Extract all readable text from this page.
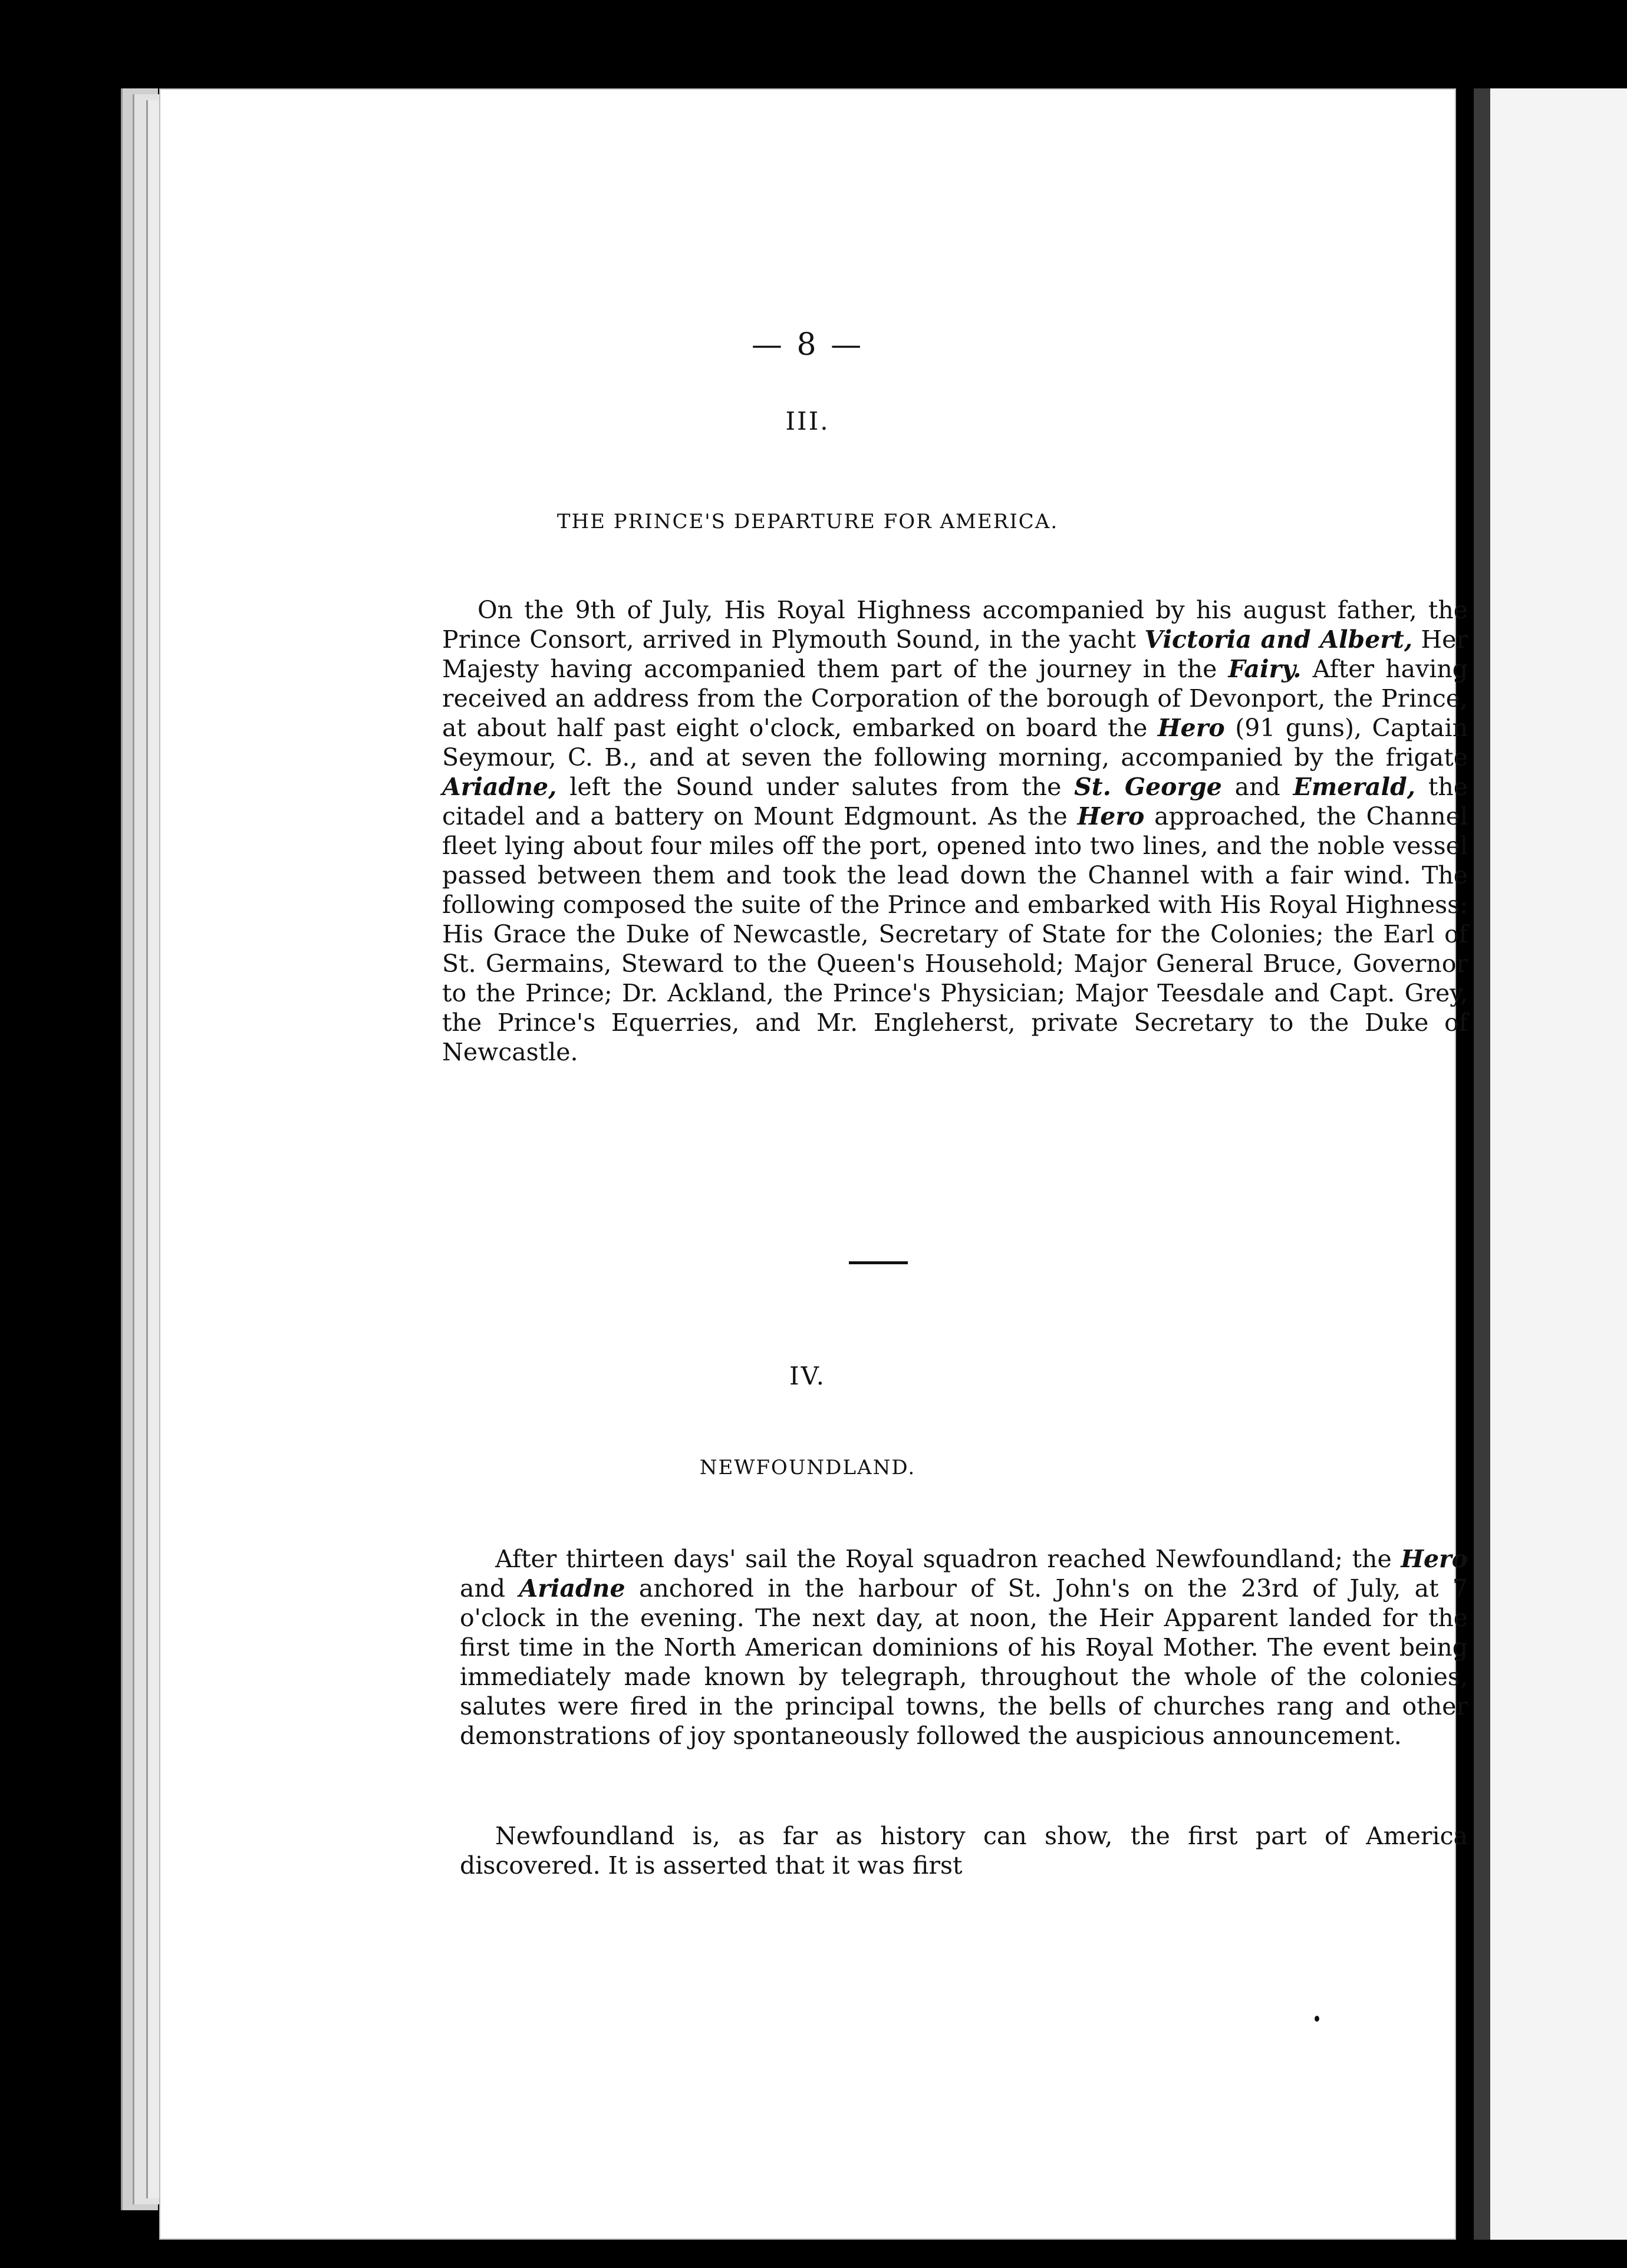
— 8 —
III.
THE PRINCE'S DEPARTURE FOR AMERICA.

On the 9th of July, His Royal Highness accompanied by his august father, the Prince Consort, arrived in Plymouth Sound, in the yacht Victoria and Albert, Her Majesty having accompanied them part of the journey in the Fairy. After having received an address from the Corporation of the borough of Devonport, the Prince, at about half past eight o'clock, embarked on board the Hero (91 guns), Captain Seymour, C. B., and at seven the following morning, accompanied by the frigate Ariadne, left the Sound under salutes from the St. George and Emerald, the citadel and a battery on Mount Edgmount. As the Hero approached, the Channel fleet lying about four miles off the port, opened into two lines, and the noble vessel passed between them and took the lead down the Channel with a fair wind. The following composed the suite of the Prince and embarked with His Royal Highness: His Grace the Duke of Newcastle, Secretary of State for the Colonies; the Earl of St. Germains, Steward to the Queen's Household; Major General Bruce, Governor to the Prince; Dr. Ackland, the Prince's Physician; Major Teesdale and Capt. Grey, the Prince's Equerries, and Mr. Engleherst, private Secretary to the Duke of Newcastle.

IV.
NEWFOUNDLAND.

After thirteen days' sail the Royal squadron reached Newfoundland; the Hero and Ariadne anchored in the harbour of St. John's on the 23rd of July, at 7 o'clock in the evening. The next day, at noon, the Heir Apparent landed for the first time in the North American dominions of his Royal Mother. The event being immediately made known by telegraph, throughout the whole of the colonies, salutes were fired in the principal towns, the bells of churches rang and other demonstrations of joy spontaneously followed the auspicious announcement.

Newfoundland is, as far as history can show, the first part of America discovered. It is asserted that it was first
